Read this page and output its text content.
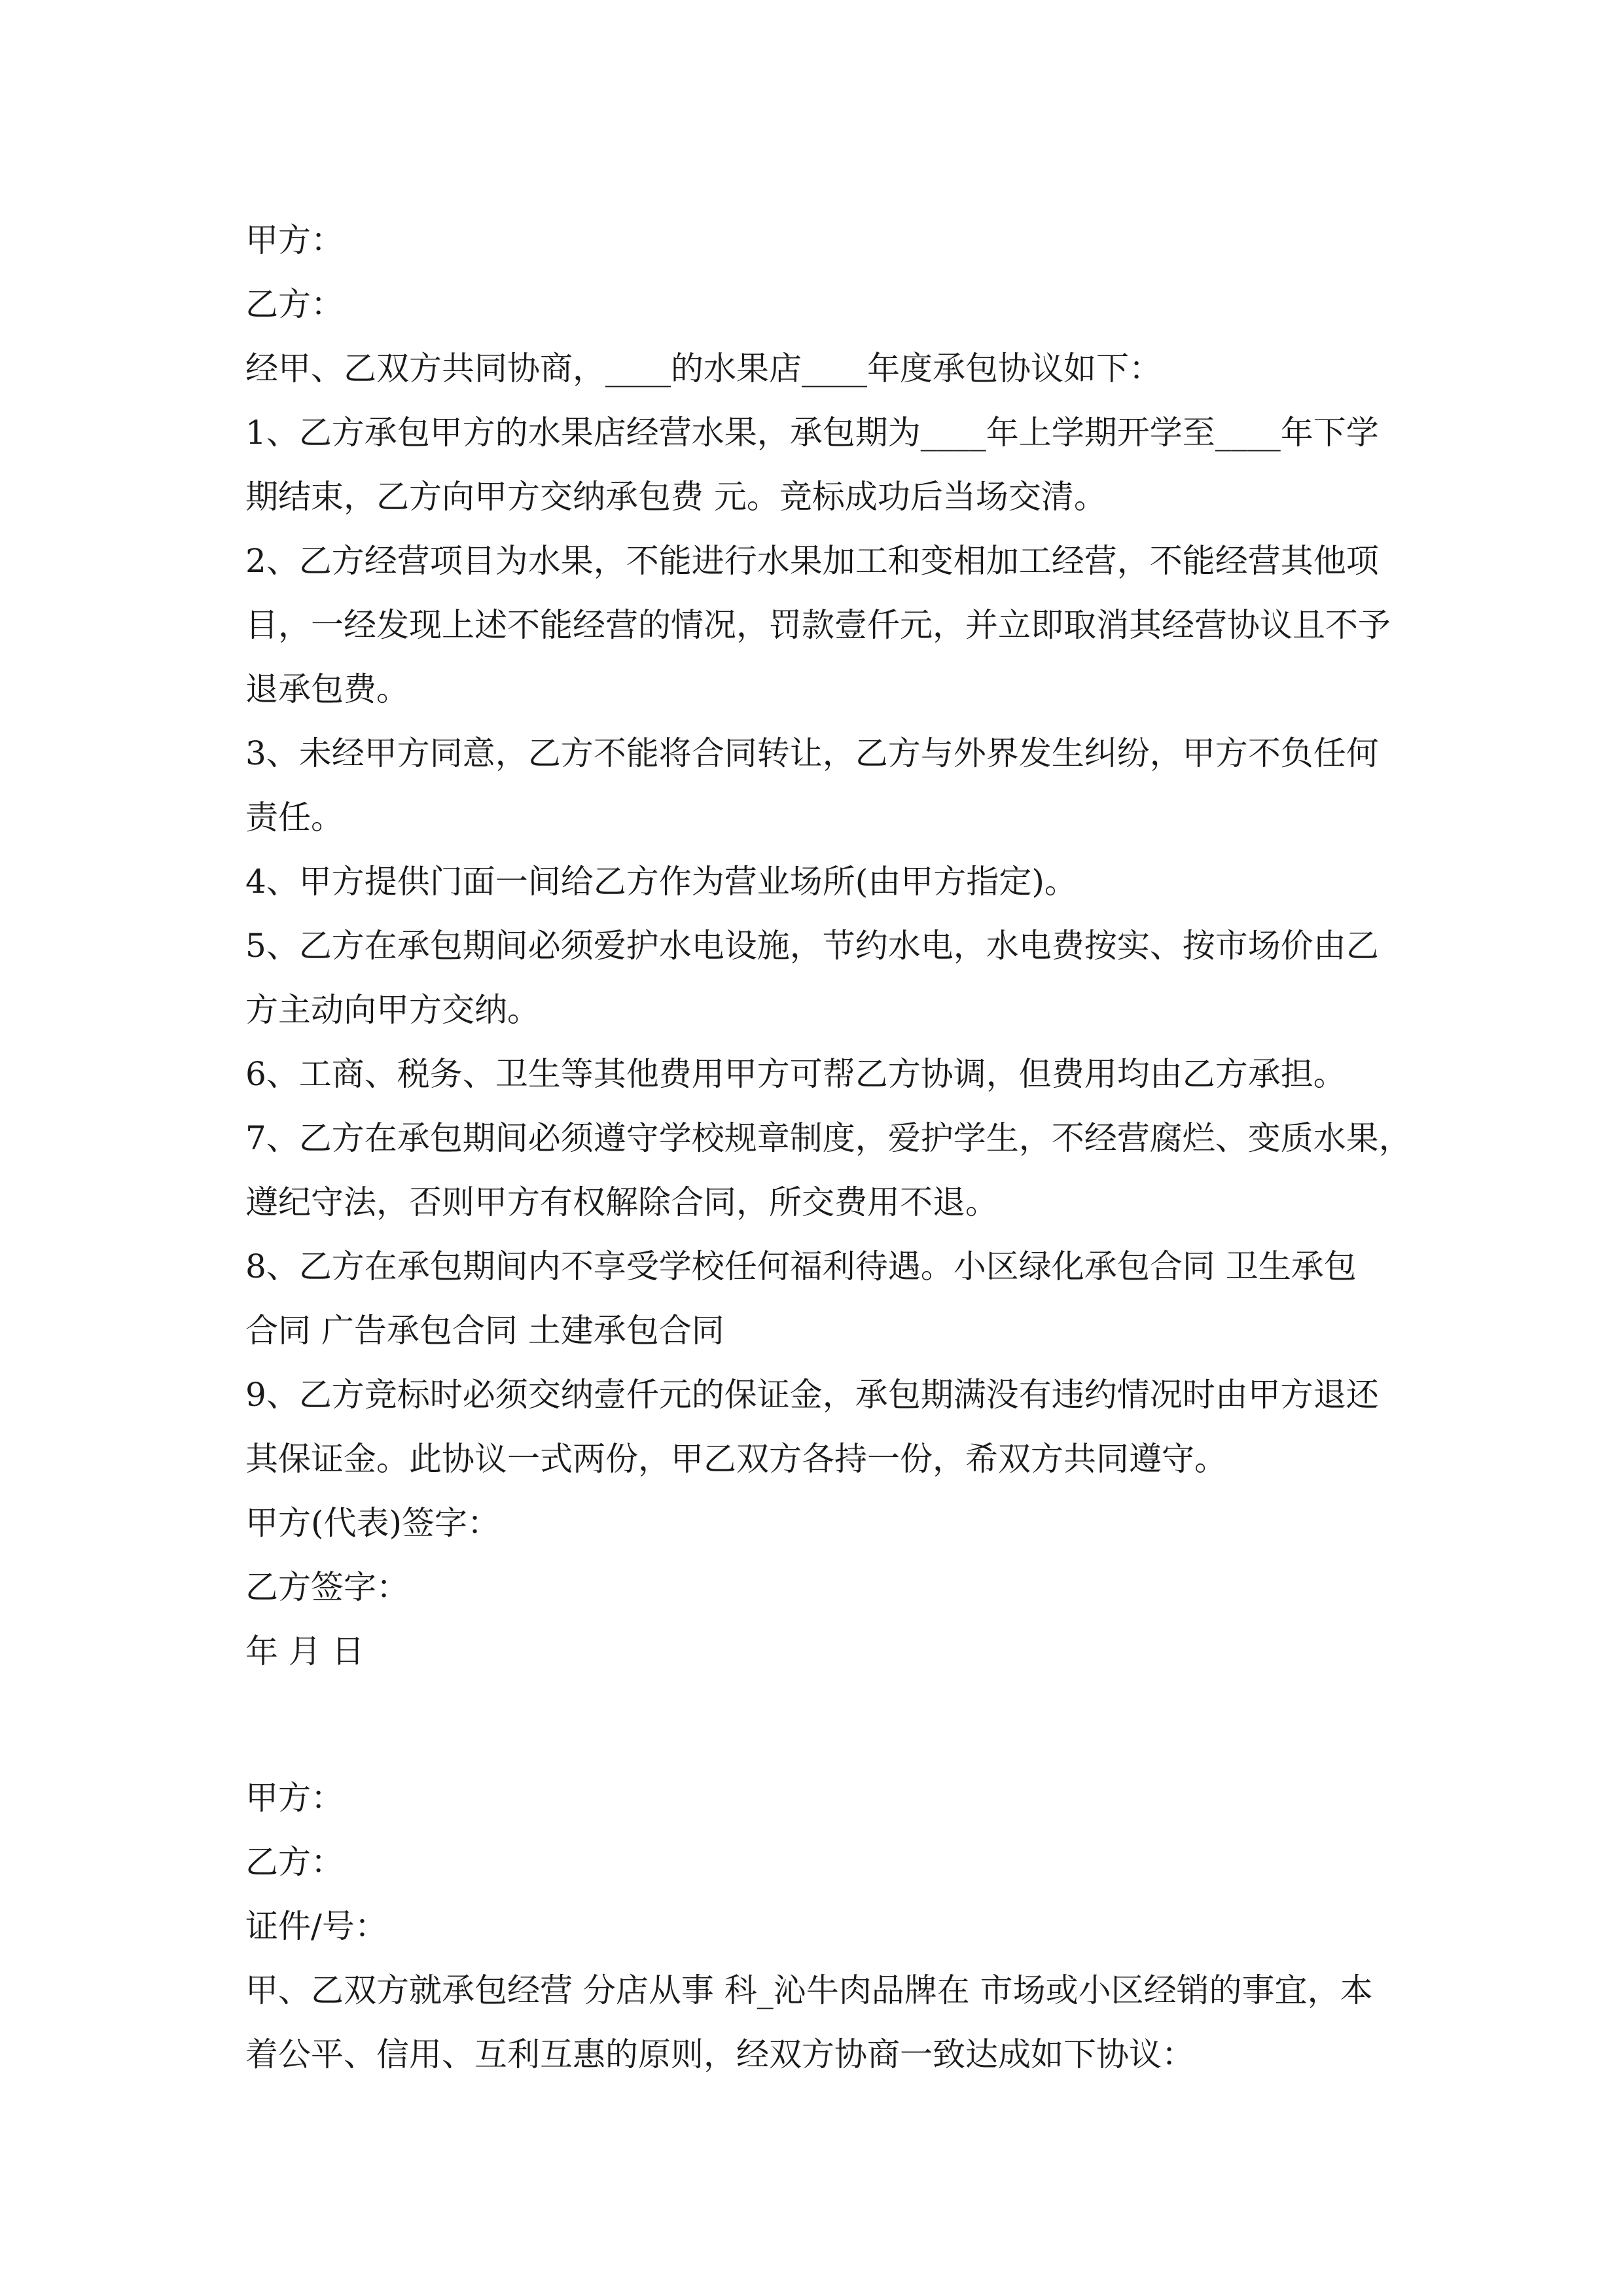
甲方：
乙方：
经甲、乙双方共同协商，____的水果店____年度承包协议如下：
1、乙方承包甲方的水果店经营水果，承包期为____年上学期开学至____年下学
期结束，乙方向甲方交纳承包费 元。竞标成功后当场交清。
2、乙方经营项目为水果，不能进行水果加工和变相加工经营，不能经营其他项
目，一经发现上述不能经营的情况，罚款壹仟元，并立即取消其经营协议且不予
退承包费。
3、未经甲方同意，乙方不能将合同转让，乙方与外界发生纠纷，甲方不负任何
责任。
4、甲方提供门面一间给乙方作为营业场所(由甲方指定)。
5、乙方在承包期间必须爱护水电设施，节约水电，水电费按实、按市场价由乙
方主动向甲方交纳。
6、工商、税务、卫生等其他费用甲方可帮乙方协调，但费用均由乙方承担。
7、乙方在承包期间必须遵守学校规章制度，爱护学生，不经营腐烂、变质水果，
遵纪守法，否则甲方有权解除合同，所交费用不退。
8、乙方在承包期间内不享受学校任何福利待遇。小区绿化承包合同 卫生承包
合同 广告承包合同 土建承包合同
9、乙方竞标时必须交纳壹仟元的保证金，承包期满没有违约情况时由甲方退还
其保证金。此协议一式两份，甲乙双方各持一份，希双方共同遵守。
甲方(代表)签字：
乙方签字：
年 月 日
甲方：
乙方：
证件/号：
甲、乙双方就承包经营 分店从事 科_沁牛肉品牌在 市场或小区经销的事宜，本
着公平、信用、互利互惠的原则，经双方协商一致达成如下协议：
